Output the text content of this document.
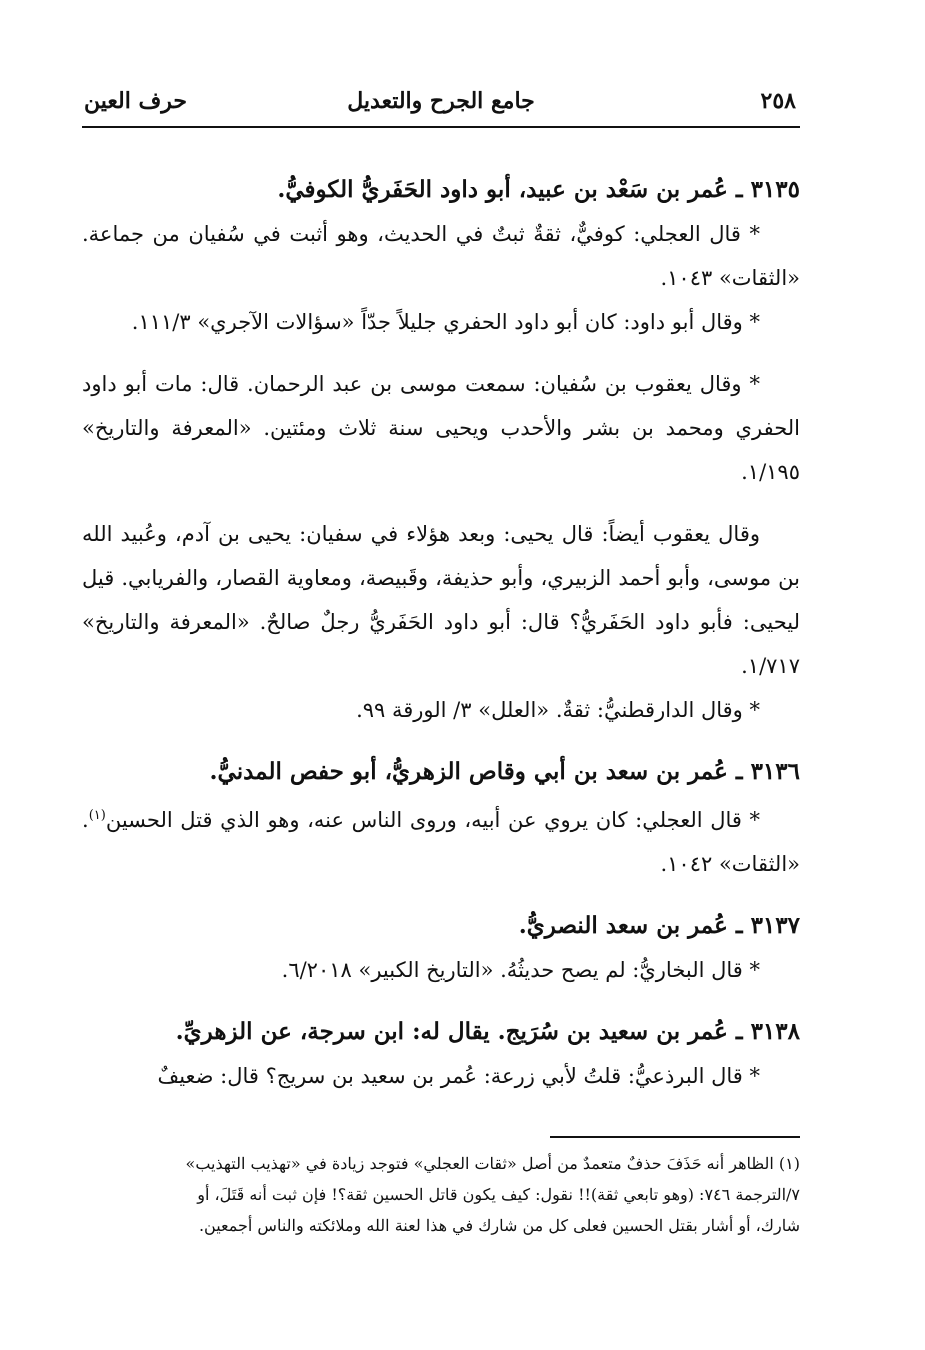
٢٥٨
جامع الجرح والتعديل
حرف العين

٣١٣٥ ـ عُمر بن سَعْد بن عبيد، أبو داود الحَفَريُّ الكوفيُّ.

* قال العجلي: كوفيٌّ، ثقةٌ ثبتٌ في الحديث، وهو أثبت في سُفيان من جماعة. «الثقات» ١٠٤٣.

* وقال أبو داود: كان أبو داود الحفري جليلاً جدّاً «سؤالات الآجري» ١١١/٣.

* وقال يعقوب بن سُفيان: سمعت موسى بن عبد الرحمان. قال: مات أبو داود الحفري ومحمد بن بشر والأحدب ويحيى سنة ثلاث ومئتين. «المعرفة والتاريخ» ١/١٩٥.

وقال يعقوب أيضاً: قال يحيى: وبعد هؤلاء في سفيان: يحيى بن آدم، وعُبيد الله بن موسى، وأبو أحمد الزبيري، وأبو حذيفة، وقَبيصة، ومعاوية القصار، والفريابي. قيل ليحيى: فأبو داود الحَفَريُّ؟ قال: أبو داود الحَفَريُّ رجلٌ صالحٌ. «المعرفة والتاريخ» ١/٧١٧.

* وقال الدارقطنيُّ: ثقةٌ. «العلل» ٣/ الورقة ٩٩.

٣١٣٦ ـ عُمر بن سعد بن أبي وقاص الزهريُّ، أبو حفص المدنيُّ.

* قال العجلي: كان يروي عن أبيه، وروى الناس عنه، وهو الذي قتل الحسين$^{(١)}$. «الثقات» ١٠٤٢.

٣١٣٧ ـ عُمر بن سعد النصريُّ.

* قال البخاريُّ: لم يصح حديثُهُ. «التاريخ الكبير» ٦/٢٠١٨.

٣١٣٨ ـ عُمر بن سعيد بن سُرَيج. يقال له: ابن سرجة، عن الزهريِّ.

* قال البرذعيُّ: قلتُ لأبي زرعة: عُمر بن سعيد بن سريج؟ قال: ضعيفٌ

(١) الظاهر أنه حَذَفَ حذفٌ متعمدٌ من أصل «ثقات العجلي» فتوجد زيادة في «تهذيب التهذيب»

٧/الترجمة ٧٤٦: (وهو تابعي ثقة)!! نقول: كيف يكون قاتل الحسين ثقة؟! فإن ثبت أنه قَتَلَ، أو

شارك، أو أشار بقتل الحسين فعلى كل من شارك في هذا لعنة الله وملائكته والناس أجمعين.
